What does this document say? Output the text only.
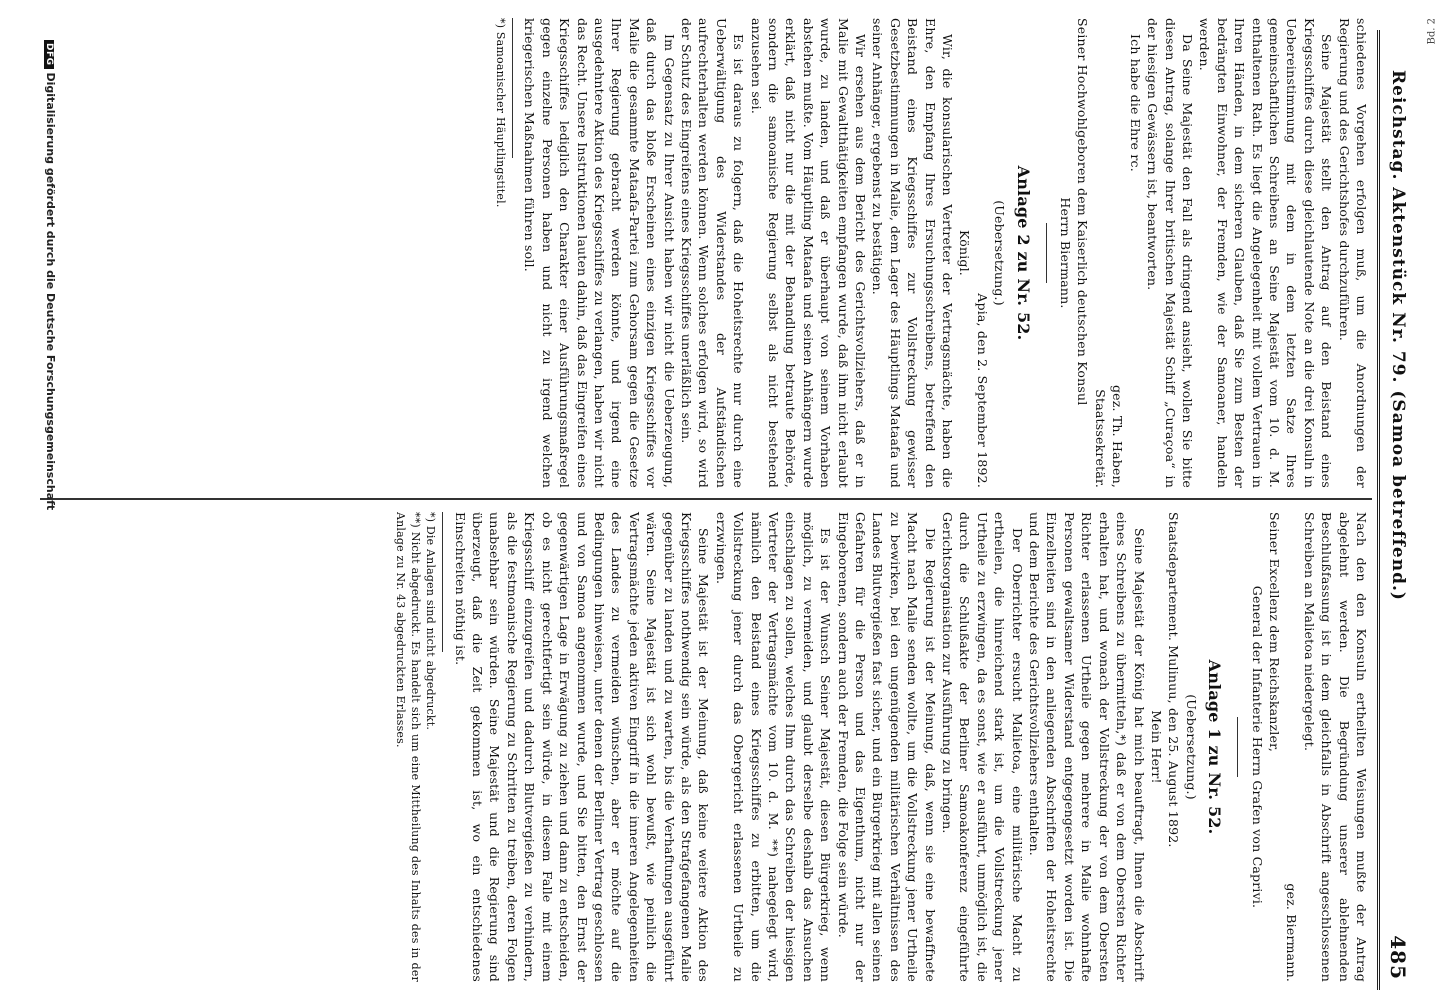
Reichstag. Aktenstück Nr. 79. (Samoa betreffend.)
485

schiedenes Vorgehen erfolgen muß, um die Anordnungen der Regierung und des Gerichtshofes durchzuführen.

Seine Majestät stellt den Antrag auf den Beistand eines Kriegsschiffes durch diese gleichlautende Note an die drei Konsuln in Uebereinstimmung mit dem in dem letzten Satze Ihres gemeinschaftlichen Schreibens an Seine Majestät vom 10. d. M. enthaltenen Rath. Es liegt die Angelegenheit mit vollem Vertrauen in Ihren Händen, in dem sicheren Glauben, daß Sie zum Besten der bedrängten Einwohner, der Fremden, wie der Samoaner, handeln werden.

Da Seine Majestät den Fall als dringend ansieht, wollen Sie bitte diesen Antrag, solange Ihrer britischen Majestät Schiff „Curaçoa“ in der hiesigen Gewässern ist, beantworten.

Ich habe die Ehre rc.

gez. Th. Haben,

Staatssekretär.

Seiner Hochwohlgeboren dem Kaiserlich deutschen Konsul

Herrn Biermann.

Anlage 2 zu Nr. 52.

(Uebersetzung.)

Apia, den 2. September 1892.

Königl.

Wir, die konsularischen Vertreter der Vertragsmächte, haben die Ehre, den Empfang Ihres Ersuchungsschreibens, betreffend den Beistand eines Kriegsschiffes zur Vollstreckung gewisser Gesetzbestimmungen in Malie, dem Lager des Häuptlings Mataafa und seiner Anhänger, ergebenst zu bestätigen.

Wir ersehen aus dem Bericht des Gerichtsvollziehers, daß er in Malie mit Gewaltthätigkeiten empfangen wurde, daß ihm nicht erlaubt wurde, zu landen, und daß er überhaupt von seinem Vorhaben abstehen mußte. Vom Häuptling Mataafa und seinen Anhängern wurde erklärt, daß nicht nur die mit der Behandlung betraute Behörde, sondern die samoanische Regierung selbst als nicht bestehend anzusehen sei.

Es ist daraus zu folgern, daß die Hoheitsrechte nur durch eine Ueberwältigung des Widerstandes der Aufständischen aufrechterhalten werden können. Wenn solches erfolgen wird, so wird der Schutz des Eingreifens eines Kriegsschiffes unerläßlich sein.

Im Gegensatz zu Ihrer Ansicht haben wir nicht die Ueberzeugung, daß durch das bloße Erscheinen eines einzigen Kriegsschiffes vor Malie die gesammte Mataafa-Partei zum Gehorsam gegen die Gesetze Ihrer Regierung gebracht werden könnte, und irgend eine ausgedehntere Aktion des Kriegsschiffes zu verlangen, haben wir nicht das Recht. Unsere Instruktionen lauten dahin, daß das Eingreifen eines Kriegsschiffes lediglich den Charakter einer Ausführungsmaßregel gegen einzelne Personen haben und nicht zu irgend welchen kriegerischen Maßnahmen führen soll.

*) Samoanischer Häuptlingstitel.

Nach den den Konsuln ertheilten Weisungen mußte der Antrag abgelehnt werden. Die Begründung unserer ablehnenden Beschlußfassung ist in dem gleichfalls in Abschrift angeschlossenen Schreiben an Malietoa niedergelegt.

gez. Biermann.

Seiner Excellenz dem Reichskanzler,

General der Infanterie Herrn Grafen von Caprivi.

Anlage 1 zu Nr. 52.

(Uebersetzung.)

Staatsdepartement. Mulinuu, den 25. August 1892.

Mein Herr!

Seine Majestät der König hat mich beauftragt, Ihnen die Abschrift eines Schreibens zu übermitteln,*) daß er von dem Obersten Richter erhalten hat, und wonach der Vollstreckung der von dem Obersten Richter erlassenen Urtheile gegen mehrere in Malie wohnhafte Personen gewaltsamer Widerstand entgegengesetzt worden ist. Die Einzelheiten sind in den anliegenden Abschriften der Hoheitsrechte und dem Berichte des Gerichtsvollziehers enthalten.

Der Oberrichter ersucht Malietoa, eine militärische Macht zu ertheilen, die hinreichend stark ist, um die Vollstreckung jener Urtheile zu erzwingen, da es sonst, wie er ausführt, unmöglich ist, die durch die Schlußakte der Berliner Samoakonferenz eingeführte Gerichtsorganisation zur Ausführung zu bringen.

Die Regierung ist der Meinung, daß, wenn sie eine bewaffnete Macht nach Malie senden wollte, um die Vollstreckung jener Urtheile zu bewirken, bei den ungenügenden militärischen Verhältnissen des Landes Blutvergießen fast sicher, und ein Bürgerkrieg mit allen seinen Gefahren für die Person und das Eigenthum, nicht nur der Eingeborenen, sondern auch der Fremden, die Folge sein würde.

Es ist der Wunsch Seiner Majestät, diesen Bürgerkrieg, wenn möglich, zu vermeiden, und glaubt derselbe deshalb das Ansuchen einschlagen zu sollen, welches Ihm durch das Schreiben der hiesigen Vertreter der Vertragsmächte vom 10. d. M. **) nahegelegt wird, nämlich den Beistand eines Kriegsschiffes zu erbitten, um die Vollstreckung jener durch das Obergericht erlassenen Urtheile zu erzwingen.

Seine Majestät ist der Meinung, daß keine weitere Aktion des Kriegsschiffes nothwendig sein würde, als den Strafgefangenen Malie gegenüber zu landen und zu warten, bis die Verhaftungen ausgeführt wären. Seine Majestät ist sich wohl bewußt, wie peinlich die Vertragsmächte jeden aktiven Eingriff in die inneren Angelegenheiten des Landes zu vermeiden wünschen, aber er möchte auf die Bedingungen hinweisen, unter denen der Berliner Vertrag geschlossen und von Samoa angenommen wurde, und Sie bitten, den Ernst der gegenwärtigen Lage in Erwägung zu ziehen und dann zu entscheiden, ob es nicht gerechtfertigt sein würde, in diesem Falle mit einem Kriegsschiff einzugreifen und dadurch Blutvergießen zu verhindern, als die festmoanische Regierung zu Schritten zu treiben, deren Folgen unabsehbar sein würden. Seine Majestät und die Regierung sind überzeugt, daß die Zeit gekommen ist, wo ein entschiedenes Einschreiten nöthig ist.

*) Die Anlagen sind nicht abgedruckt.

**) Nicht abgedruckt. Es handelt sich um eine Mittheilung des Inhalts des in der Anlage zu Nr. 43 abgedruckten Erlasses.

DFGDigitalisierung gefördert durch die Deutsche Forschungsgemeinschaft
Bd. 2
